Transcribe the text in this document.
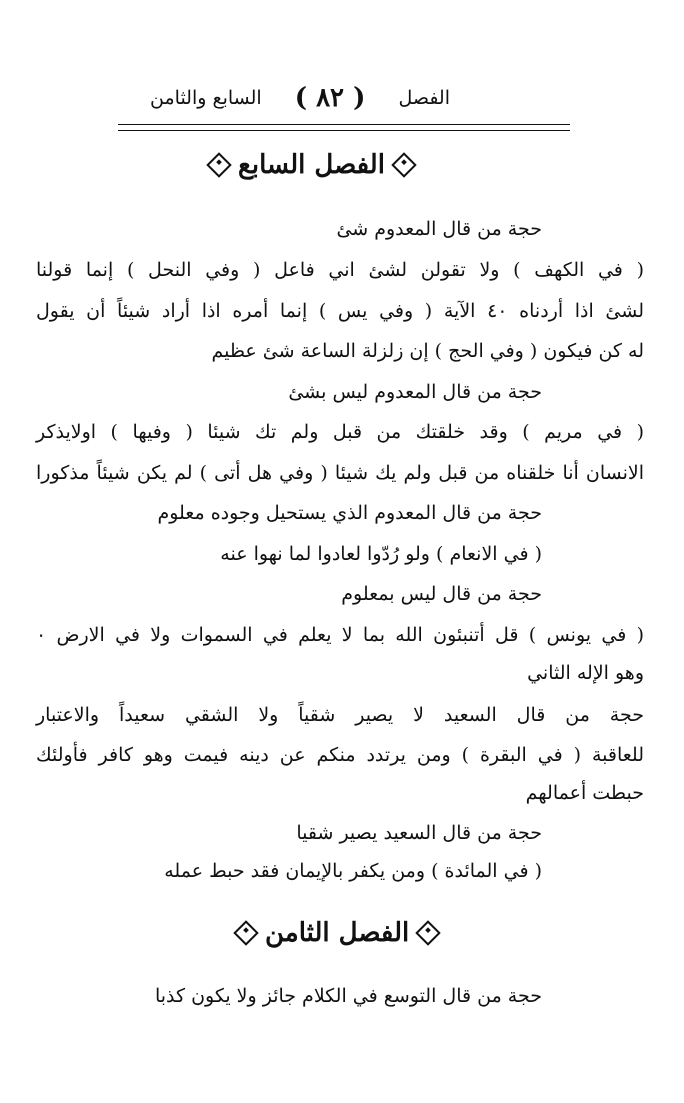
الفصل
( ٨٢ )
السابع والثامن
الفصل السابع
حجة من قال المعدوم شئ
( في الكهف ) ولا تقولن لشئ اني فاعل ( وفي النحل ) إنما قولنا
لشئ اذا أردناه ٤٠ الآية ( وفي يس ) إنما أمره اذا أراد شيئاً أن يقول
له كن فيكون ( وفي الحج ) إن زلزلة الساعة شئ عظيم
حجة من قال المعدوم ليس بشئ
( في مريم ) وقد خلقتك من قبل ولم تك شيئا ( وفيها ) اولايذكر
الانسان أنا خلقناه من قبل ولم يك شيئا ( وفي هل أتى ) لم يكن شيئاً مذكورا
حجة من قال المعدوم الذي يستحيل وجوده معلوم
( في الانعام ) ولو رُدّوا لعادوا لما نهوا عنه
حجة من قال ليس بمعلوم
( في يونس ) قل أتنبئون الله بما لا يعلم في السموات ولا في الارض ٠
وهو الإله الثاني
حجة من قال السعيد لا يصير شقياً ولا الشقي سعيداً والاعتبار
للعاقبة ( في البقرة ) ومن يرتدد منكم عن دينه فيمت وهو كافر فأولئك
حبطت أعمالهم
حجة من قال السعيد يصير شقيا
( في المائدة ) ومن يكفر بالإيمان فقد حبط عمله
الفصل الثامن
حجة من قال التوسع في الكلام جائز ولا يكون كذبا
